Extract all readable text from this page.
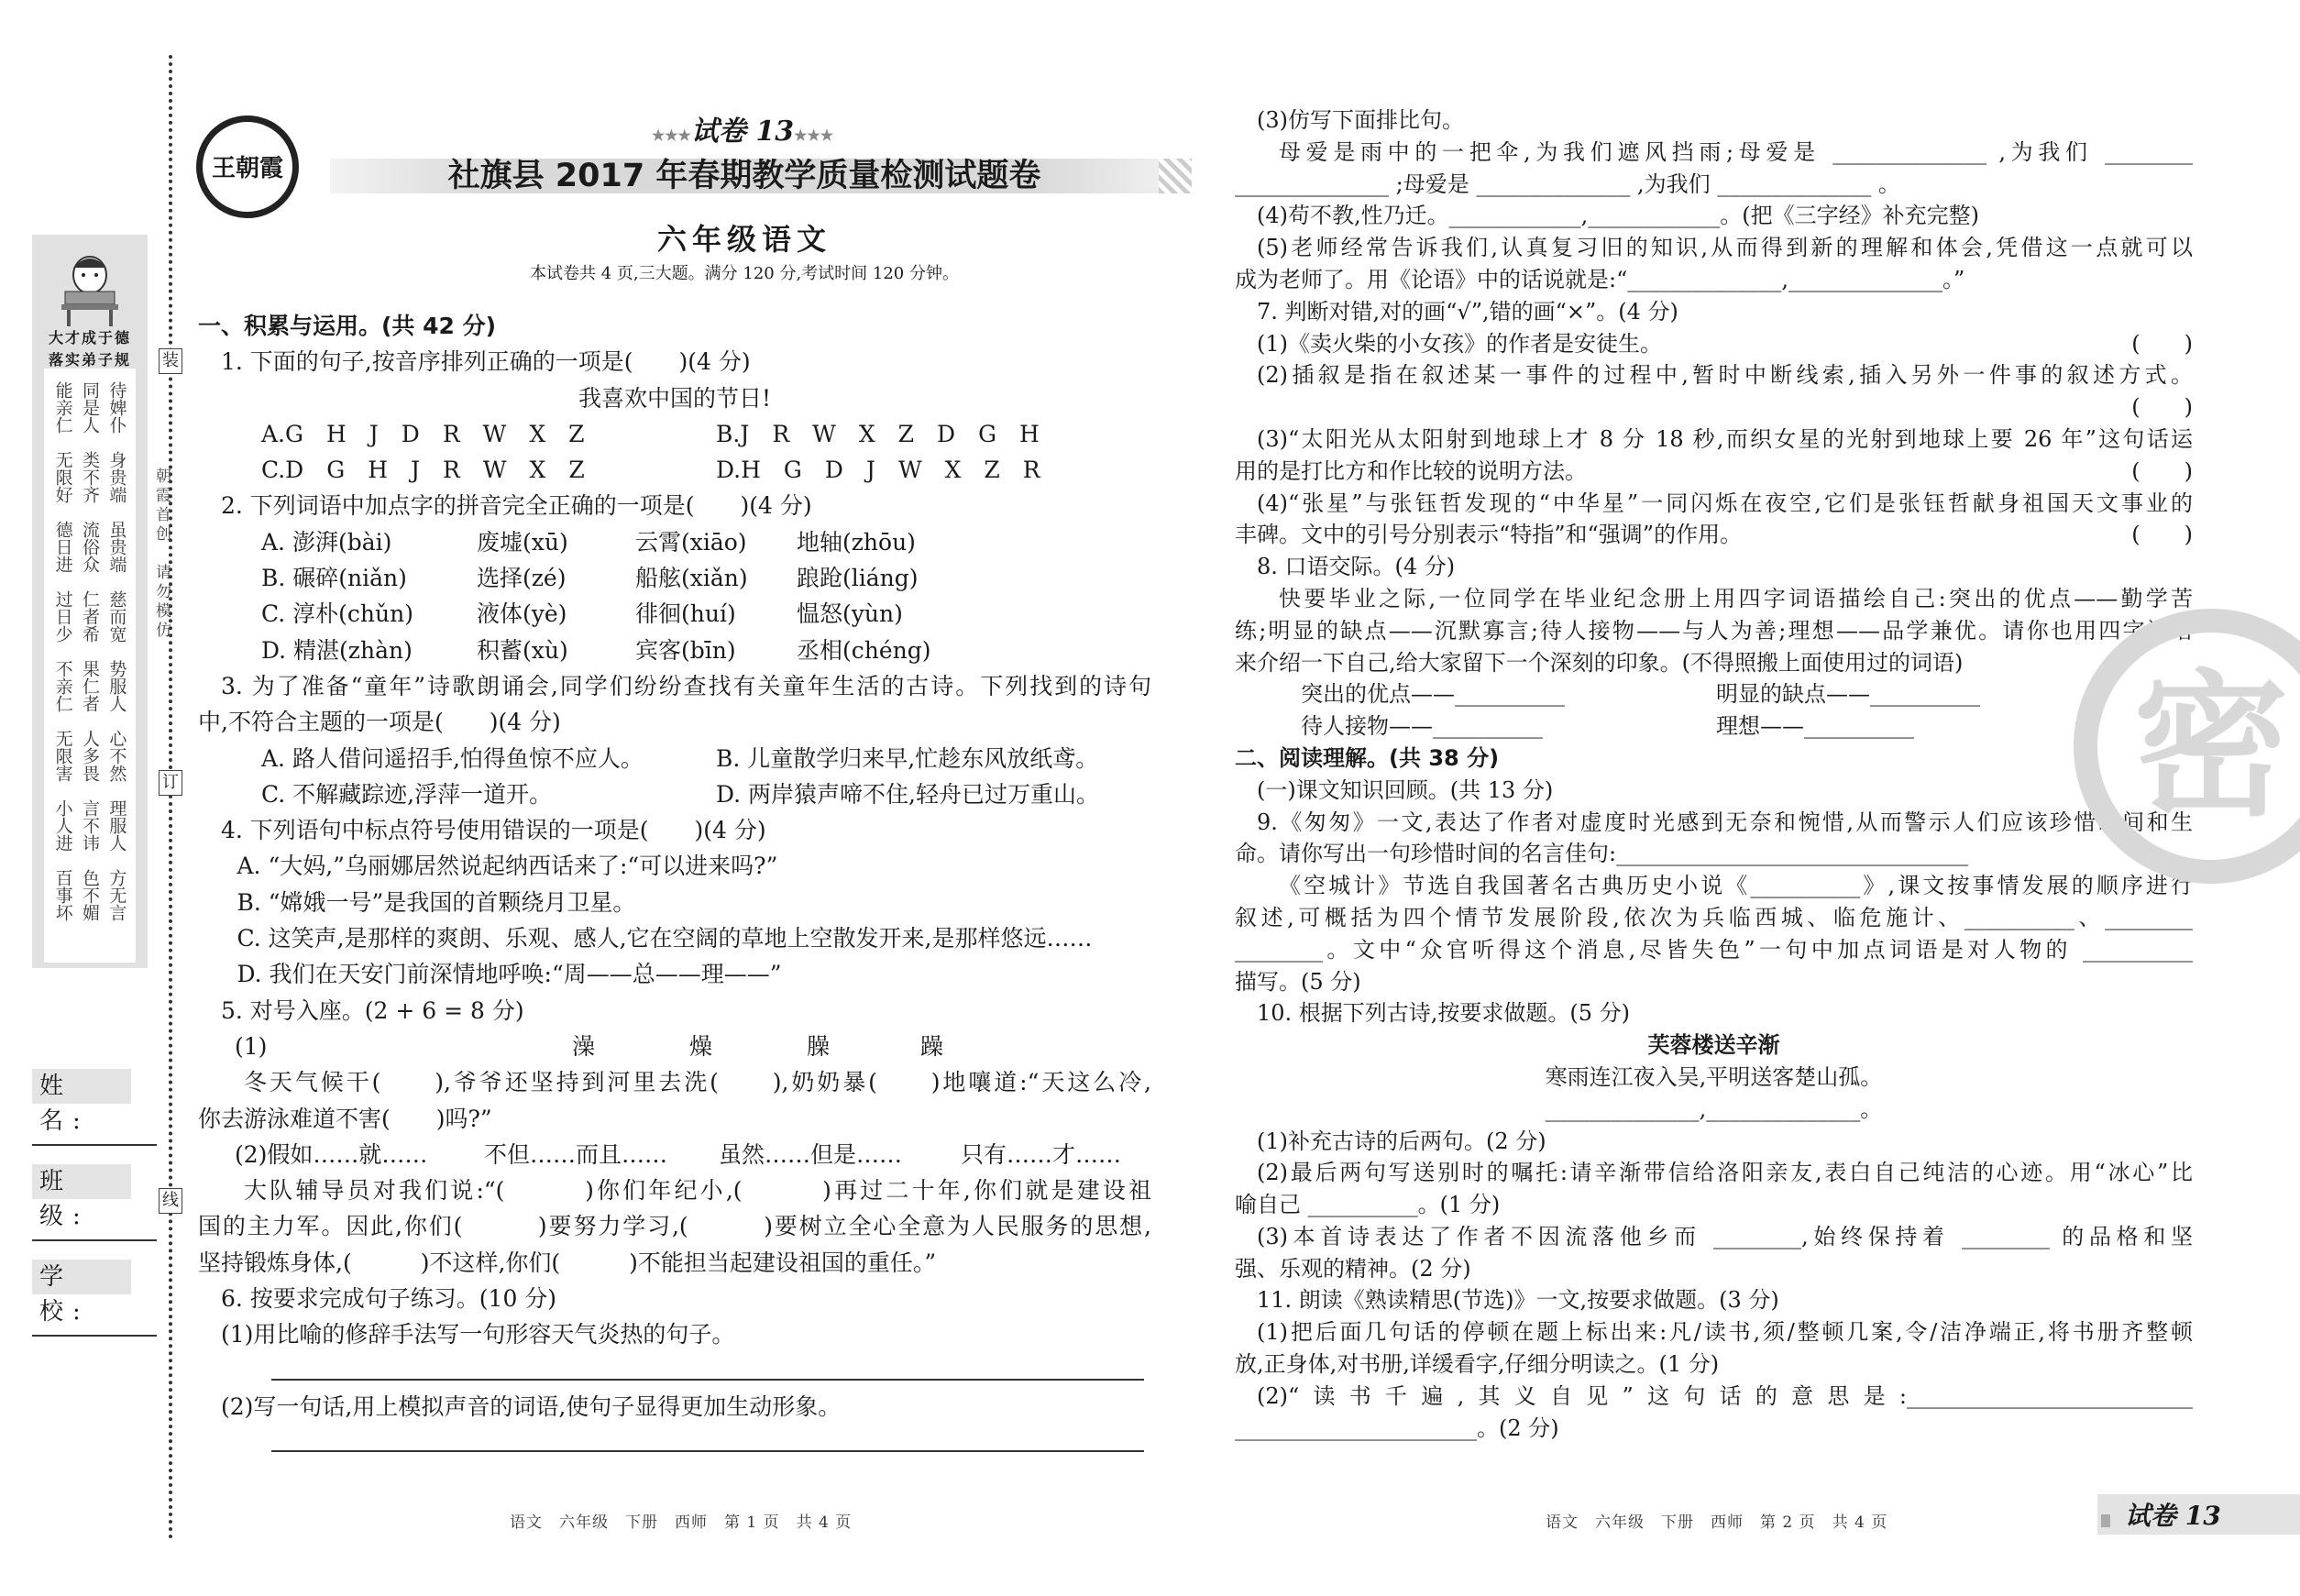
装
订
线
朝霞首创　请勿模仿
大才成于德
落实弟子规
能亲仁 同是人 待婢仆
无限好 类不齐 身贵端
德日进 流俗众 虽贵端
过日少 仁者希 慈而宽
不亲仁 果仁者 势服人
无限害 人多畏 心不然
小人进 言不讳 理服人
百事坏 色不媚 方无言
姓 名:
班 级:
学 校:
王朝霞
★★★试卷 13★★★
社旗县 2017 年春期教学质量检测试题卷
六年级语文
本试卷共 4 页,三大题。满分 120 分,考试时间 120 分钟。
一、积累与运用。(共 42 分)
1. 下面的句子,按音序排列正确的一项是(　　)(4 分)
我喜欢中国的节日!
A.G　H　J　D　R　W　X　Z	B.J　R　W　X　Z　D　G　H
C.D　G　H　J　R　W　X　Z	D.H　G　D　J　W　X　Z　R
2. 下列词语中加点字的拼音完全正确的一项是(　　)(4 分)
A. 澎湃(bài)	废墟(xū)	云霄(xiāo) 地轴(zhōu)
B. 碾碎(niǎn)	选择(zé)	船舷(xiǎn) 踉跄(liáng)
C. 淳朴(chǔn)	液体(yè)	徘徊(huí)	愠怒(yùn)
D. 精湛(zhàn)	积蓄(xù)	宾客(bīn)	丞相(chéng)
3. 为了准备“童年”诗歌朗诵会,同学们纷纷查找有关童年生活的古诗。下列找到的诗句
中,不符合主题的一项是(　　)(4 分)
A. 路人借问遥招手,怕得鱼惊不应人。	B. 儿童散学归来早,忙趁东风放纸鸢。
C. 不解藏踪迹,浮萍一道开。	D. 两岸猿声啼不住,轻舟已过万重山。
4. 下列语句中标点符号使用错误的一项是(　　)(4 分)
A. “大妈,”乌丽娜居然说起纳西话来了:“可以进来吗?”
B. “嫦娥一号”是我国的首颗绕月卫星。
C. 这笑声,是那样的爽朗、乐观、感人,它在空阔的草地上空散发开来,是那样悠远……
D. 我们在天安门前深情地呼唤:“周——总——理——”
5. 对号入座。(2 + 6 = 8 分)
(1)	澡	燥	臊	躁
冬天气候干(　　),爷爷还坚持到河里去洗(　　),奶奶暴(　　)地嚷道:“天这么冷,
你去游泳难道不害(　　)吗?”
(2)假如……就…… 不但……而且…… 虽然……但是……	只有……才……
大队辅导员对我们说:“(　　　)你们年纪小,(　　　)再过二十年,你们就是建设祖
国的主力军。因此,你们(　　　)要努力学习,(　　　)要树立全心全意为人民服务的思想,
坚持锻炼身体,(　　　)不这样,你们(　　　)不能担当起建设祖国的重任。”
6. 按要求完成句子练习。(10 分)
(1)用比喻的修辞手法写一句形容天气炎热的句子。
(2)写一句话,用上模拟声音的词语,使句子显得更加生动形象。
(3)仿写下面排比句。
母爱是雨中的一把伞,为我们遮风挡雨;母爱是 ______________ ,为我们 ________
______________ ;母爱是 ______________ ,为我们 ______________ 。
(4)苟不教,性乃迁。____________,____________。(把《三字经》补充完整)
(5)老师经常告诉我们,认真复习旧的知识,从而得到新的理解和体会,凭借这一点就可以
成为老师了。用《论语》中的话说就是:“______________,______________。”
7. 判断对错,对的画“√”,错的画“×”。(4 分)
(1)《卖火柴的小女孩》的作者是安徒生。	(　　)
(2)插叙是指在叙述某一事件的过程中,暂时中断线索,插入另外一件事的叙述方式。
(　　)
(3)“太阳光从太阳射到地球上才 8 分 18 秒,而织女星的光射到地球上要 26 年”这句话运
用的是打比方和作比较的说明方法。	(　　)
(4)“张星”与张钰哲发现的“中华星”一同闪烁在夜空,它们是张钰哲献身祖国天文事业的
丰碑。文中的引号分别表示“特指”和“强调”的作用。	(　　)
8. 口语交际。(4 分)
快要毕业之际,一位同学在毕业纪念册上用四字词语描绘自己:突出的优点——勤学苦
练;明显的缺点——沉默寡言;待人接物——与人为善;理想——品学兼优。请你也用四字词语
来介绍一下自己,给大家留下一个深刻的印象。(不得照搬上面使用过的词语)
突出的优点——__________	明显的缺点——__________
待人接物——__________	理想——__________
二、阅读理解。(共 38 分)
(一)课文知识回顾。(共 13 分)
9.《匆匆》一文,表达了作者对虚度时光感到无奈和惋惜,从而警示人们应该珍惜时间和生
命。请你写出一句珍惜时间的名言佳句:________________________________
《空城计》节选自我国著名古典历史小说《__________》,课文按事情发展的顺序进行
叙述,可概括为四个情节发展阶段,依次为兵临西城、临危施计、__________、________
________。文中“众官听得这个消息,尽皆失色”一句中加点词语是对人物的 __________
描写。(5 分)
10. 根据下列古诗,按要求做题。(5 分)
芙蓉楼送辛渐
寒雨连江夜入吴,平明送客楚山孤。
______________,______________。
(1)补充古诗的后两句。(2 分)
(2)最后两句写送别时的嘱托:请辛渐带信给洛阳亲友,表白自己纯洁的心迹。用“冰心”比
喻自己 __________。(1 分)
(3)本首诗表达了作者不因流落他乡而 ________,始终保持着 ________ 的品格和坚
强、乐观的精神。(2 分)
11. 朗读《熟读精思(节选)》一文,按要求做题。(3 分)
(1)把后面几句话的停顿在题上标出来:凡/读书,须/整顿几案,令/洁净端正,将书册齐整顿
放,正身体,对书册,详缓看字,仔细分明读之。(1 分)
(2)“读书千遍,其义自见”这句话的意思是:__________________________
______________________。(2 分)
密
语文　六年级　下册　西师　第 1 页　共 4 页	语文　六年级　下册　西师　第 2 页　共 4 页	试卷 13
